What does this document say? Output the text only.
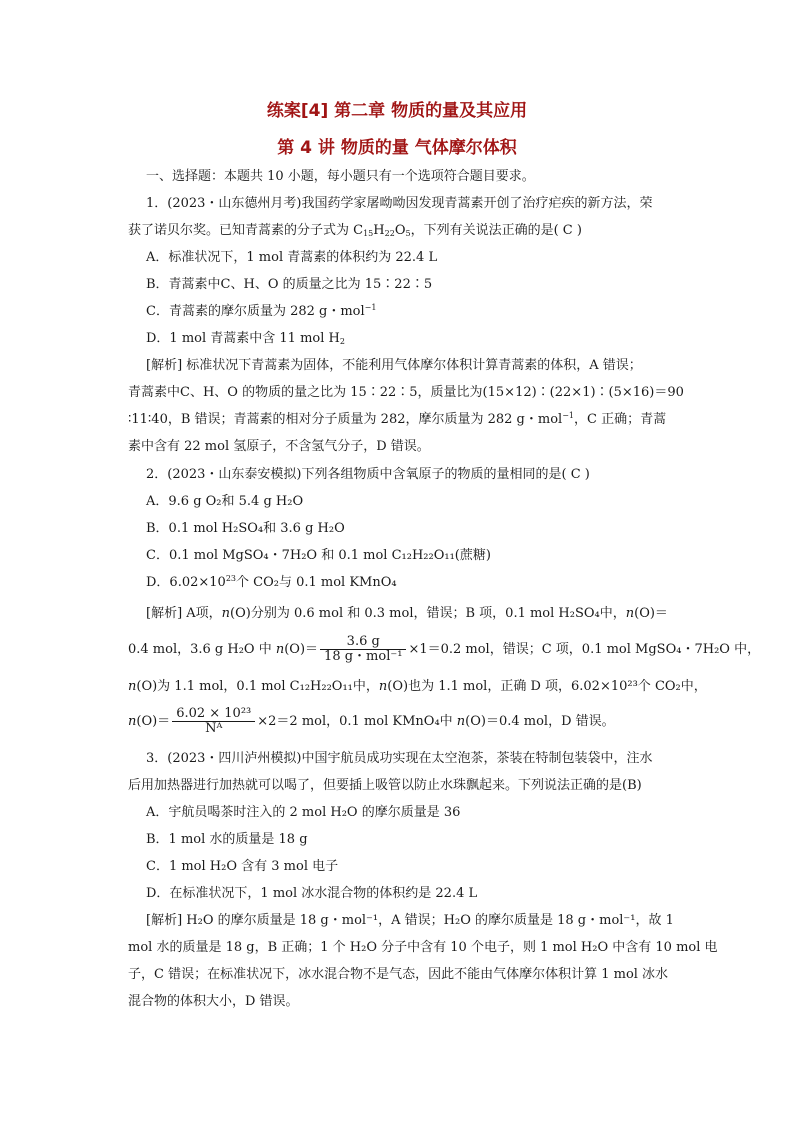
练案[4] 第二章 物质的量及其应用
第 4 讲 物质的量 气体摩尔体积
一、选择题：本题共 10 小题，每小题只有一个选项符合题目要求。
1．(2023・山东德州月考)我国药学家屠呦呦因发现青蒿素开创了治疗疟疾的新方法，荣
获了诺贝尔奖。已知青蒿素的分子式为 $C_{15}H_{22}O_5$，下列有关说法正确的是( C )
A．标准状况下，1 mol 青蒿素的体积约为 22.4 L
B．青蒿素中C、H、O 的质量之比为 15∶22∶5
C．青蒿素的摩尔质量为 282 g・mol$^{-1}$
D．1 mol 青蒿素中含 11 mol $H_2$
[解析] 标准状况下青蒿素为固体，不能利用气体摩尔体积计算青蒿素的体积，A 错误；
青蒿素中C、H、O 的物质的量之比为 15∶22∶5，质量比为(15×12)∶(22×1)∶(5×16)＝90
∶11∶40，B 错误；青蒿素的相对分子质量为 282，摩尔质量为 282 g・mol$^{-1}$，C 正确；青蒿
素中含有 22 mol 氢原子，不含氢气分子，D 错误。
2．(2023・山东泰安模拟)下列各组物质中含氧原子的物质的量相同的是( C )
A．9.6 g O₂和 5.4 g H₂O
B．0.1 mol H₂SO₄和 3.6 g H₂O
C．0.1 mol MgSO₄・7H₂O 和 0.1 mol C₁₂H₂₂O₁₁(蔗糖)
D．$6.02\times 10^{23}$个 CO₂与 0.1 mol KMnO₄
[解析] A项，n(O)分别为 0.6 mol 和 0.3 mol，错误；B 项，0.1 mol H₂SO₄中，n(O)＝
0.4 mol，3.6 g H₂O 中 $n(O)= \frac{3.6 g}{\text{18 g・mol⁻¹}} \times 1=0.2$ mol，错误；C 项，0.1 mol MgSO₄・7H₂O 中，
n(O)为 1.1 mol，0.1 mol C₁₂H₂₂O₁₁中，n(O)也为 1.1 mol，正确 D 项，6.02×10²³个 CO₂中，
$n(O)= \frac{\text{6.02 × 10²³}}{\text{Nᴬ}} \times 2=2$ mol，0.1 mol KMnO₄中 n(O)＝0.4 mol，D 错误。
3．(2023・四川泸州模拟)中国宇航员成功实现在太空泡茶，茶装在特制包装袋中，注水
后用加热器进行加热就可以喝了，但要插上吸管以防止水珠飘起来。下列说法正确的是(B)
A．宇航员喝茶时注入的 2 mol H₂O 的摩尔质量是 36
B．1 mol 水的质量是 18 g
C．1 mol H₂O 含有 3 mol 电子
D．在标准状况下，1 mol 冰水混合物的体积约是 22.4 L
[解析] H₂O 的摩尔质量是 18 g・mol⁻¹，A 错误；H₂O 的摩尔质量是 18 g・mol⁻¹，故 1
mol 水的质量是 18 g，B 正确；1 个 H₂O 分子中含有 10 个电子，则 1 mol H₂O 中含有 10 mol 电
子，C 错误；在标准状况下，冰水混合物不是气态，因此不能由气体摩尔体积计算 1 mol 冰水
混合物的体积大小，D 错误。
